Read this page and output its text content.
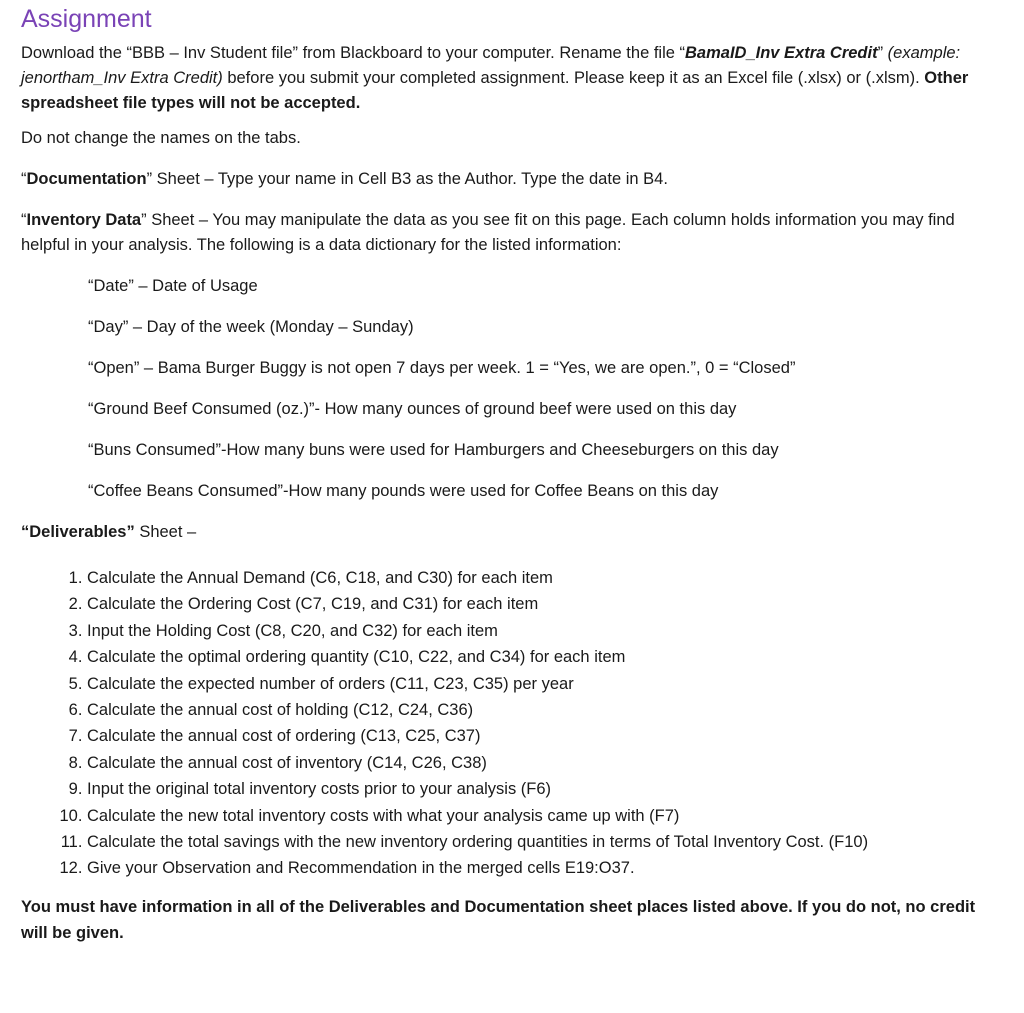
Assignment

Download the “BBB – Inv Student file” from Blackboard to your computer. Rename the file “BamaID_Inv Extra Credit” (example: jenortham_Inv Extra Credit) before you submit your completed assignment. Please keep it as an Excel file (.xlsx) or (.xlsm). Other spreadsheet file types will not be accepted.

Do not change the names on the tabs.

“Documentation” Sheet – Type your name in Cell B3 as the Author. Type the date in B4.

“Inventory Data” Sheet – You may manipulate the data as you see fit on this page. Each column holds information you may find helpful in your analysis. The following is a data dictionary for the listed information:

“Date” – Date of Usage
“Day” – Day of the week (Monday – Sunday)
“Open” – Bama Burger Buggy is not open 7 days per week. 1 = “Yes, we are open.”, 0 = “Closed”
“Ground Beef Consumed (oz.)”- How many ounces of ground beef were used on this day
“Buns Consumed”-How many buns were used for Hamburgers and Cheeseburgers on this day
“Coffee Beans Consumed”-How many pounds were used for Coffee Beans on this day

“Deliverables” Sheet –

1. Calculate the Annual Demand (C6, C18, and C30) for each item
2. Calculate the Ordering Cost (C7, C19, and C31) for each item
3. Input the Holding Cost (C8, C20, and C32) for each item
4. Calculate the optimal ordering quantity (C10, C22, and C34) for each item
5. Calculate the expected number of orders (C11, C23, C35) per year
6. Calculate the annual cost of holding (C12, C24, C36)
7. Calculate the annual cost of ordering (C13, C25, C37)
8. Calculate the annual cost of inventory (C14, C26, C38)
9. Input the original total inventory costs prior to your analysis (F6)
10. Calculate the new total inventory costs with what your analysis came up with (F7)
11. Calculate the total savings with the new inventory ordering quantities in terms of Total Inventory Cost. (F10)
12. Give your Observation and Recommendation in the merged cells E19:O37.

You must have information in all of the Deliverables and Documentation sheet places listed above. If you do not, no credit will be given.
